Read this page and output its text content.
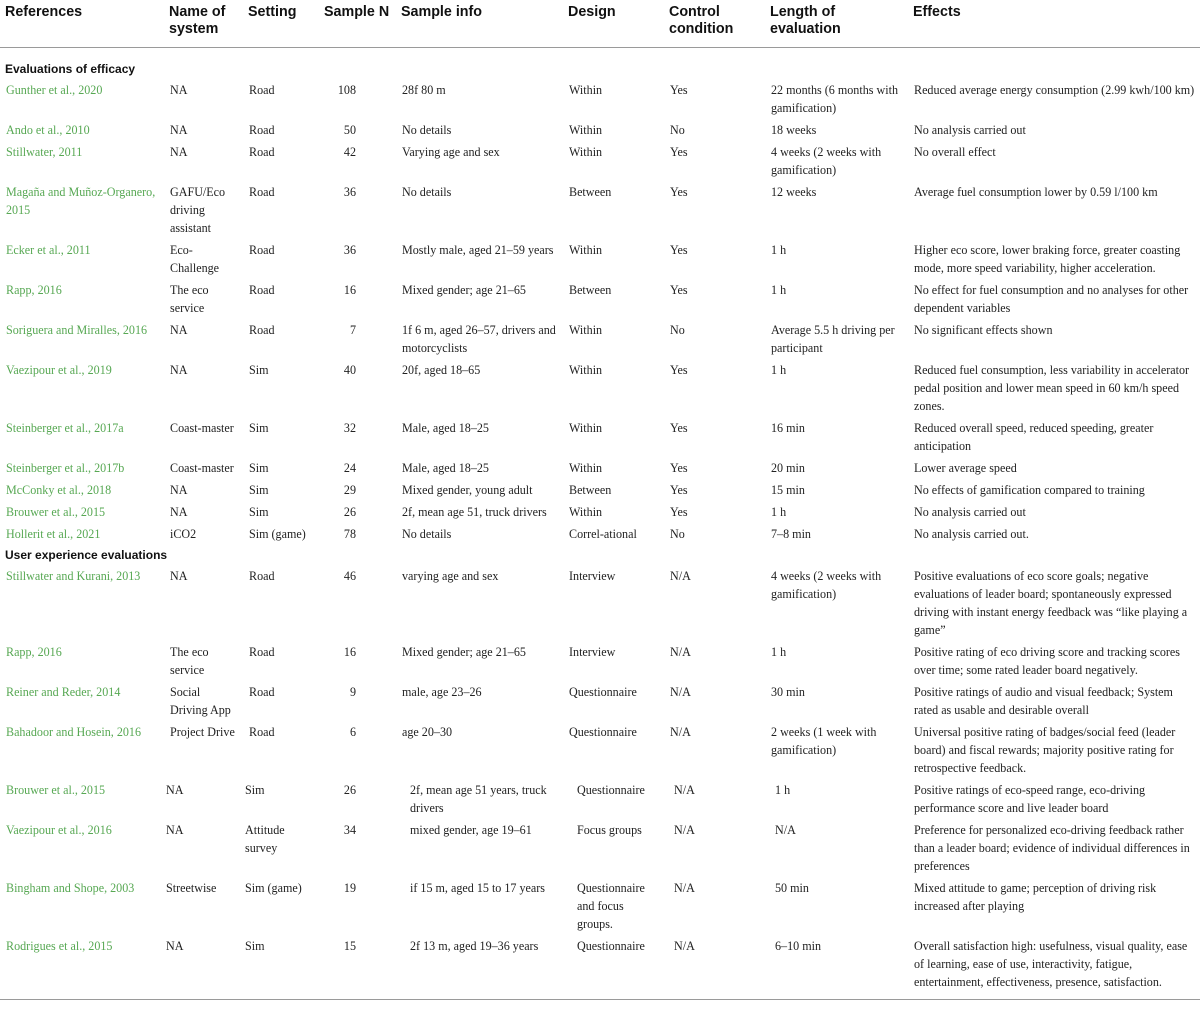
References	Name of system	Setting	Sample N	Sample info	Design	Control condition	Length of evaluation	Effects
Evaluations of efficacy								
Gunther et al., 2020	NA	Road	108	28f 80 m	Within	Yes	22 months (6 months with gamification)	Reduced average energy consumption (2.99 kwh/100 km)
Ando et al., 2010	NA	Road	50	No details	Within	No	18 weeks	No analysis carried out
Stillwater, 2011	NA	Road	42	Varying age and sex	Within	Yes	4 weeks (2 weeks with gamification)	No overall effect
Magaña and Muñoz-Organero, 2015	GAFU/Eco driving assistant	Road	36	No details	Between	Yes	12 weeks	Average fuel consumption lower by 0.59 l/100 km
Ecker et al., 2011	Eco-Challenge	Road	36	Mostly male, aged 21–59 years	Within	Yes	1 h	Higher eco score, lower braking force, greater coasting mode, more speed variability, higher acceleration.
Rapp, 2016	The eco service	Road	16	Mixed gender; age 21–65	Between	Yes	1 h	No effect for fuel consumption and no analyses for other dependent variables
Soriguera and Miralles, 2016	NA	Road	7	1f 6 m, aged 26–57, drivers and motorcyclists	Within	No	Average 5.5 h driving per participant	No significant effects shown
Vaezipour et al., 2019	NA	Sim	40	20f, aged 18–65	Within	Yes	1 h	Reduced fuel consumption, less variability in accelerator pedal position and lower mean speed in 60 km/h speed zones.
Steinberger et al., 2017a	Coast-master	Sim	32	Male, aged 18–25	Within	Yes	16 min	Reduced overall speed, reduced speeding, greater anticipation
Steinberger et al., 2017b	Coast-master	Sim	24	Male, aged 18–25	Within	Yes	20 min	Lower average speed
McConky et al., 2018	NA	Sim	29	Mixed gender, young adult	Between	Yes	15 min	No effects of gamification compared to training
Brouwer et al., 2015	NA	Sim	26	2f, mean age 51, truck drivers	Within	Yes	1 h	No analysis carried out
Hollerit et al., 2021	iCO2	Sim (game)	78	No details	Correl-ational	No	7–8 min	No analysis carried out.
User experience evaluations								
Stillwater and Kurani, 2013	NA	Road	46	varying age and sex	Interview	N/A	4 weeks (2 weeks with gamification)	Positive evaluations of eco score goals; negative evaluations of leader board; spontaneously expressed driving with instant energy feedback was “like playing a game”
Rapp, 2016	The eco service	Road	16	Mixed gender; age 21–65	Interview	N/A	1 h	Positive rating of eco driving score and tracking scores over time; some rated leader board negatively.
Reiner and Reder, 2014	Social Driving App	Road	9	male, age 23–26	Questionnaire	N/A	30 min	Positive ratings of audio and visual feedback; System rated as usable and desirable overall
Bahadoor and Hosein, 2016	Project Drive	Road	6	age 20–30	Questionnaire	N/A	2 weeks (1 week with gamification)	Universal positive rating of badges/social feed (leader board) and fiscal rewards; majority positive rating for retrospective feedback.
Brouwer et al., 2015	NA	Sim	26	2f, mean age 51 years, truck drivers	Questionnaire	N/A	1 h	Positive ratings of eco-speed range, eco-driving performance score and live leader board
Vaezipour et al., 2016	NA	Attitude survey	34	mixed gender, age 19–61	Focus groups	N/A	N/A	Preference for personalized eco-driving feedback rather than a leader board; evidence of individual differences in preferences
Bingham and Shope, 2003	Streetwise	Sim (game)	19	if 15 m, aged 15 to 17 years	Questionnaire and focus groups.	N/A	50 min	Mixed attitude to game; perception of driving risk increased after playing
Rodrigues et al., 2015	NA	Sim	15	2f 13 m, aged 19–36 years	Questionnaire	N/A	6–10 min	Overall satisfaction high: usefulness, visual quality, ease of learning, ease of use, interactivity, fatigue, entertainment, effectiveness, presence, satisfaction.
